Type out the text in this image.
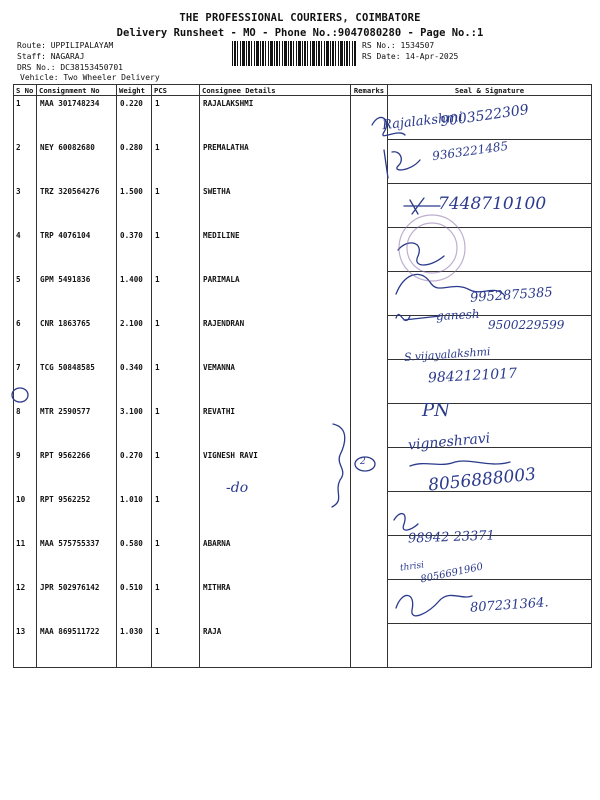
THE PROFESSIONAL COURIERS, COIMBATORE
Delivery Runsheet - MO - Phone No.:9047080280 - Page No.:1
Route: UPPILIPALAYAM
Staff: NAGARAJ
DRS No.: DC38153450701
Vehicle: Two Wheeler Delivery
RS No.: 1534507
RS Date: 14-Apr-2025
S No	Consignment No	Weight	PCS	Consignee Details	Remarks	Seal & Signature
1	MAA 301748234	0.220	1	RAJALAKSHMI		
2	NEY 60082680	0.280	1	PREMALATHA		
3	TRZ 320564276	1.500	1	SWETHA		
4	TRP 4076104	0.370	1	MEDILINE		
5	GPM 5491836	1.400	1	PARIMALA		
6	CNR 1863765	2.100	1	RAJENDRAN		
7	TCG 50848585	0.340	1	VEMANNA		
8	MTR 2590577	3.100	1	REVATHI		
9	RPT 9562266	0.270	1	VIGNESH RAVI		
10	RPT 9562252	1.010	1			
11	MAA 575755337	0.580	1	ABARNA		
12	JPR 502976142	0.510	1	MITHRA		
13	MAA 869511722	1.030	1	RAJA		
Rajalakshmi
9003522309
9363221485
7448710100
9952875385
ganesh
9500229599
S.vijayalakshmi
9842121017
PN
vigneshravi
2
8056888003
-do
98942 23371
thrisi
8056691960
807231364.
